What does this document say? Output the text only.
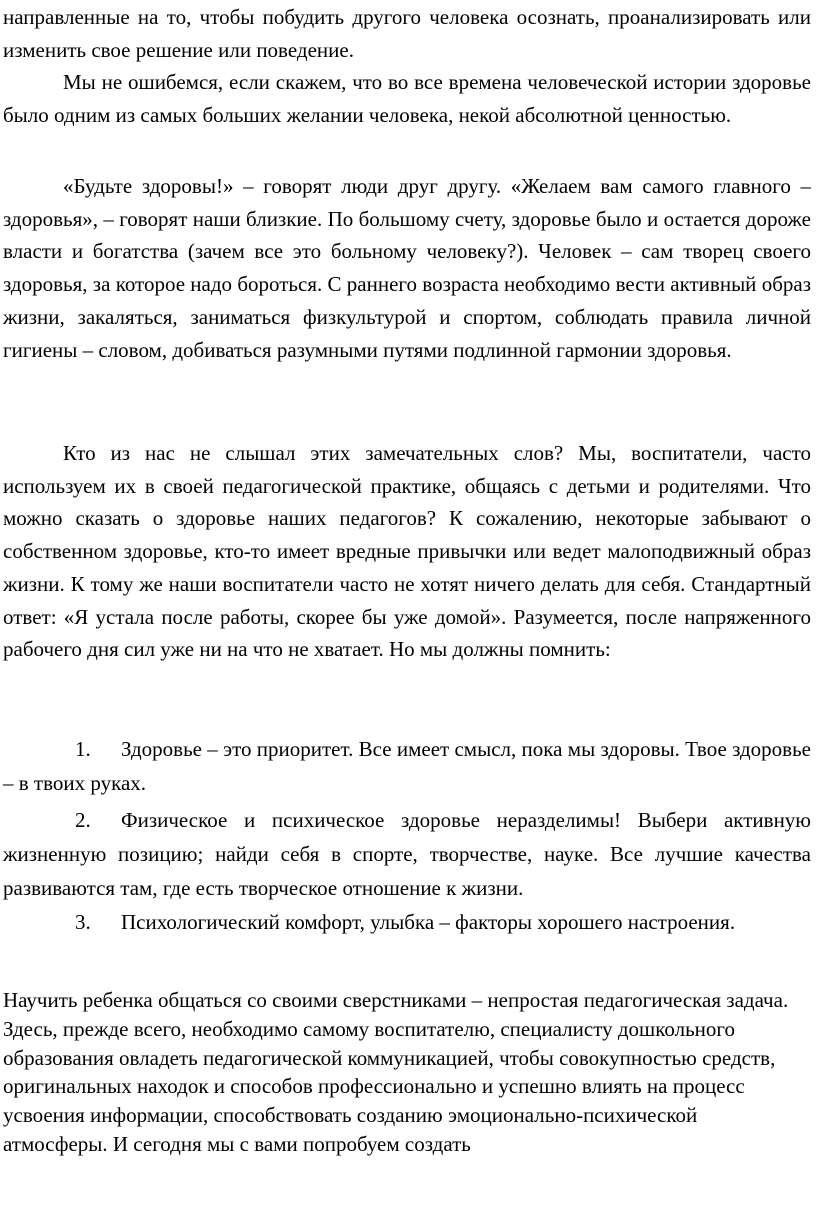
направленные на то, чтобы побудить другого человека осознать, проанализировать или изменить свое решение или поведение.

Мы не ошибемся, если скажем, что во все времена человеческой истории здоровье было одним из самых больших желании человека, некой абсолютной ценностью.

«Будьте здоровы!» – говорят люди друг другу. «Желаем вам самого главного – здоровья», – говорят наши близкие. По большому счету, здоровье было и остается дороже власти и богатства (зачем все это больному человеку?). Человек – сам творец своего здоровья, за которое надо бороться. С раннего возраста необходимо вести активный образ жизни, закаляться, заниматься физкультурой и спортом, соблюдать правила личной гигиены – словом, добиваться разумными путями подлинной гармонии здоровья.

Кто из нас не слышал этих замечательных слов? Мы, воспитатели, часто используем их в своей педагогической практике, общаясь с детьми и родителями. Что можно сказать о здоровье наших педагогов? К сожалению, некоторые забывают о собственном здоровье, кто-то имеет вредные привычки или ведет малоподвижный образ жизни. К тому же наши воспитатели часто не хотят ничего делать для себя. Стандартный ответ: «Я устала после работы, скорее бы уже домой». Разумеется, после напряженного рабочего дня сил уже ни на что не хватает. Но мы должны помнить:

1. Здоровье – это приоритет. Все имеет смысл, пока мы здоровы. Твое здоровье – в твоих руках.

2. Физическое и психическое здоровье неразделимы! Выбери активную жизненную позицию; найди себя в спорте, творчестве, науке. Все лучшие качества развиваются там, где есть творческое отношение к жизни.

3. Психологический комфорт, улыбка – факторы хорошего настроения.

Научить ребенка общаться со своими сверстниками – непростая педагогическая задача. Здесь, прежде всего, необходимо самому воспитателю, специалисту дошкольного образования овладеть педагогической коммуникацией, чтобы совокупностью средств, оригинальных находок и способов профессионально и успешно влиять на процесс усвоения информации, способствовать созданию эмоционально-психической атмосферы. И сегодня мы с вами попробуем создать
